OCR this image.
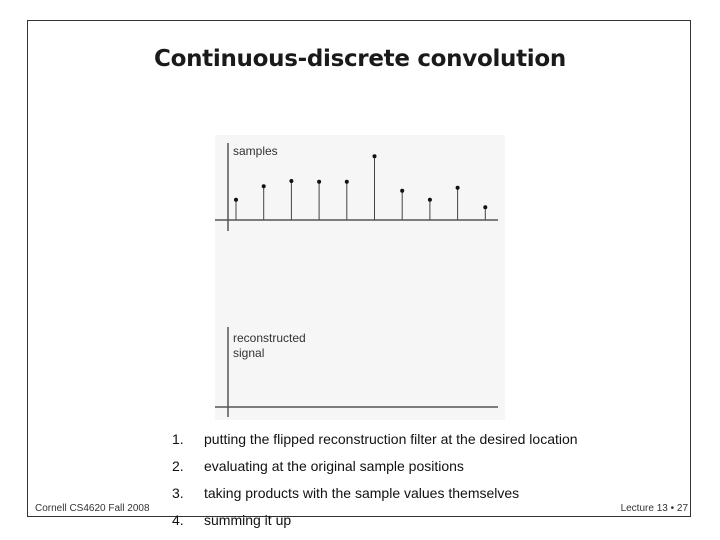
Continuous-discrete convolution
samples
reconstructed
signal
1. putting the flipped reconstruction filter at the desired location
2. evaluating at the original sample positions
3. taking products with the sample values themselves
4. summing it up
Cornell CS4620 Fall 2008	Lecture 13 • 27
